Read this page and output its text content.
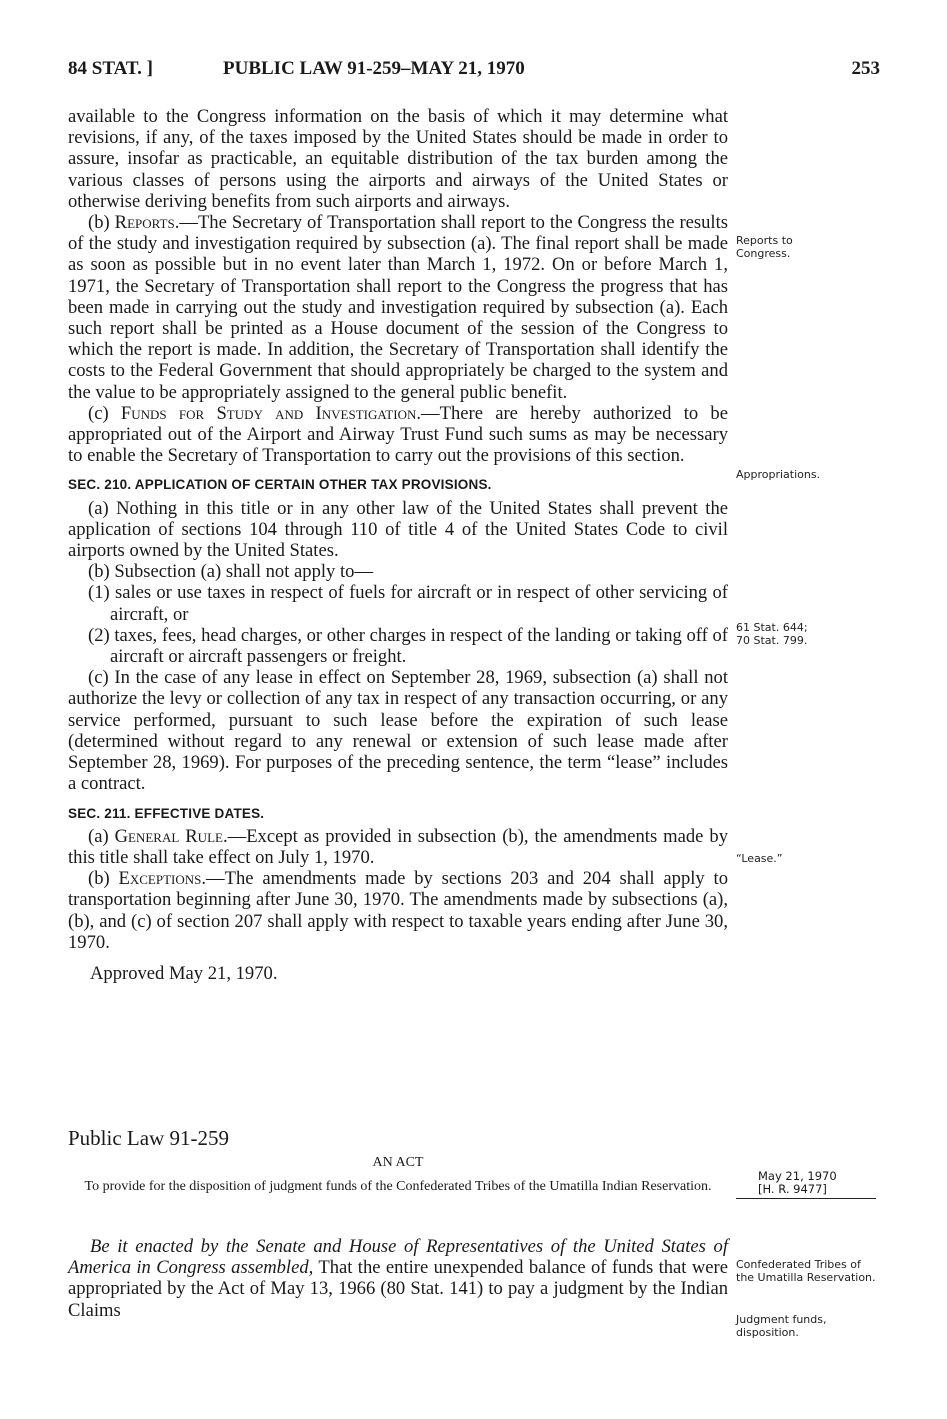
84 STAT. ]	PUBLIC LAW 91-259–MAY 21, 1970	253

available to the Congress information on the basis of which it may determine what revisions, if any, of the taxes imposed by the United States should be made in order to assure, insofar as practicable, an equitable distribution of the tax burden among the various classes of persons using the airports and airways of the United States or otherwise deriving benefits from such airports and airways.

(b) Reports.—The Secretary of Transportation shall report to the Congress the results of the study and investigation required by subsection (a). The final report shall be made as soon as possible but in no event later than March 1, 1972. On or before March 1, 1971, the Secretary of Transportation shall report to the Congress the progress that has been made in carrying out the study and investigation required by subsection (a). Each such report shall be printed as a House document of the session of the Congress to which the report is made. In addition, the Secretary of Transportation shall identify the costs to the Federal Government that should appropriately be charged to the system and the value to be appropriately assigned to the general public benefit.

(c) Funds for Study and Investigation.—There are hereby authorized to be appropriated out of the Airport and Airway Trust Fund such sums as may be necessary to enable the Secretary of Transportation to carry out the provisions of this section.

SEC. 210. APPLICATION OF CERTAIN OTHER TAX PROVISIONS.

(a) Nothing in this title or in any other law of the United States shall prevent the application of sections 104 through 110 of title 4 of the United States Code to civil airports owned by the United States.

(b) Subsection (a) shall not apply to—

(1) sales or use taxes in respect of fuels for aircraft or in respect of other servicing of aircraft, or

(2) taxes, fees, head charges, or other charges in respect of the landing or taking off of aircraft or aircraft passengers or freight.

(c) In the case of any lease in effect on September 28, 1969, subsection (a) shall not authorize the levy or collection of any tax in respect of any transaction occurring, or any service performed, pursuant to such lease before the expiration of such lease (determined without regard to any renewal or extension of such lease made after September 28, 1969). For purposes of the preceding sentence, the term “lease” includes a contract.

SEC. 211. EFFECTIVE DATES.

(a) General Rule.—Except as provided in subsection (b), the amendments made by this title shall take effect on July 1, 1970.

(b) Exceptions.—The amendments made by sections 203 and 204 shall apply to transportation beginning after June 30, 1970. The amendments made by subsections (a), (b), and (c) of section 207 shall apply with respect to taxable years ending after June 30, 1970.

Approved May 21, 1970.

Reports to Congress.
Appropriations.
61 Stat. 644;
70 Stat. 799.
“Lease.”
Public Law 91-259
AN ACT
To provide for the disposition of judgment funds of the Confederated Tribes of the Umatilla Indian Reservation.
May 21, 1970
[H. R. 9477]
Be it enacted by the Senate and House of Representatives of the United States of America in Congress assembled, That the entire unexpended balance of funds that were appropriated by the Act of May 13, 1966 (80 Stat. 141) to pay a judgment by the Indian Claims
Confederated Tribes of the Umatilla Reservation.
Judgment funds, disposition.
